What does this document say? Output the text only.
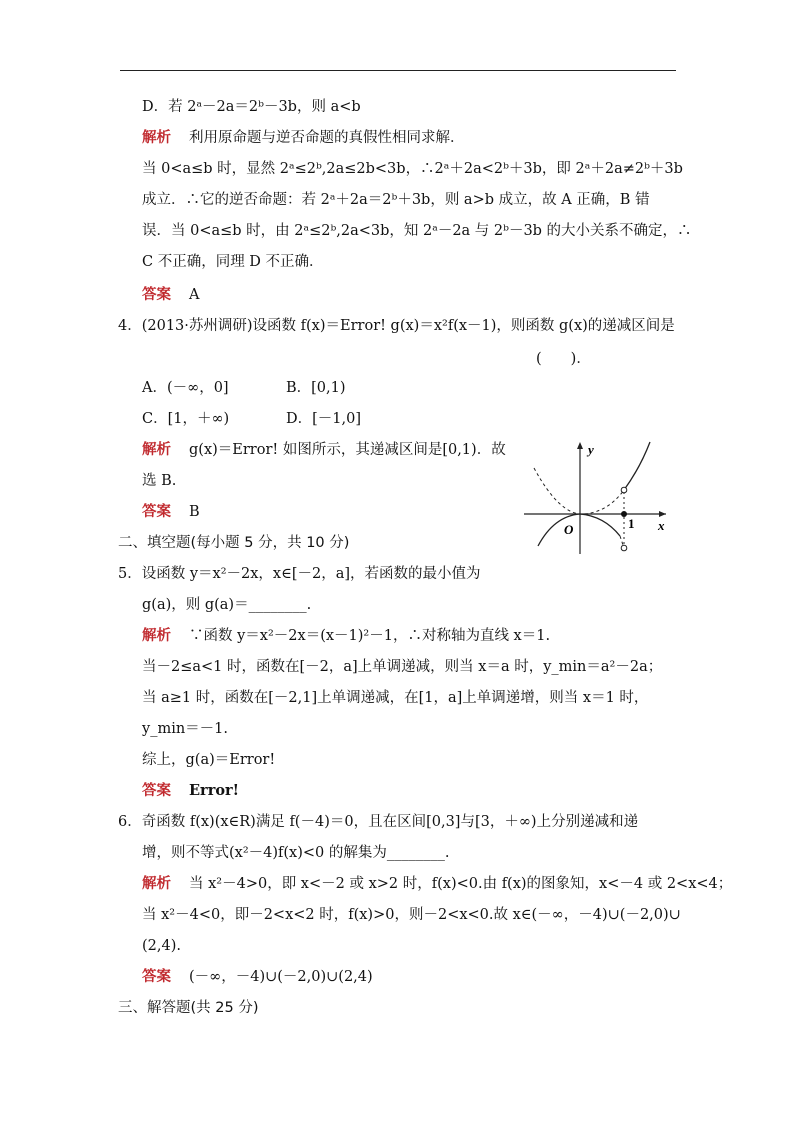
D．若 2ᵃ－2a＝2ᵇ－3b，则 a<b
解析 利用原命题与逆否命题的真假性相同求解．
当 0<a≤b 时，显然 2ᵃ≤2ᵇ,2a≤2b<3b，∴2ᵃ＋2a<2ᵇ＋3b，即 2ᵃ＋2a≠2ᵇ＋3b
成立．∴它的逆否命题：若 2ᵃ＋2a＝2ᵇ＋3b，则 a>b 成立，故 A 正确，B 错
误．当 0<a≤b 时，由 2ᵃ≤2ᵇ,2a<3b，知 2ᵃ－2a 与 2ᵇ－3b 的大小关系不确定，∴
C 不正确，同理 D 不正确．
答案 A
4．(2013·苏州调研)设函数 f(x)＝Error! g(x)＝x²f(x－1)，则函数 g(x)的递减区间是
(　　)．
A．(－∞，0]	B．[0,1)
C．[1，＋∞)	D．[－1,0]
解析 g(x)＝Error! 如图所示，其递减区间是[0,1)．故
选 B.
答案 B
y
x
O	1
二、填空题(每小题 5 分，共 10 分)
5．设函数 y＝x²－2x，x∈[－2，a]，若函数的最小值为
g(a)，则 g(a)＝________.
解析 ∵函数 y＝x²－2x＝(x－1)²－1，∴对称轴为直线 x＝1.
当－2≤a<1 时，函数在[－2，a]上单调递减，则当 x＝a 时，y_min＝a²－2a；
当 a≥1 时，函数在[－2,1]上单调递减，在[1，a]上单调递增，则当 x＝1 时，
y_min＝－1.
综上，g(a)＝Error!
答案 Error!
6．奇函数 f(x)(x∈R)满足 f(－4)＝0，且在区间[0,3]与[3，＋∞)上分别递减和递
增，则不等式(x²－4)f(x)<0 的解集为________.
解析 当 x²－4>0，即 x<－2 或 x>2 时，f(x)<0.由 f(x)的图象知，x<－4 或 2<x<4；
当 x²－4<0，即－2<x<2 时，f(x)>0，则－2<x<0.故 x∈(－∞，－4)∪(－2,0)∪
(2,4).
答案 (－∞，－4)∪(－2,0)∪(2,4)
三、解答题(共 25 分)
